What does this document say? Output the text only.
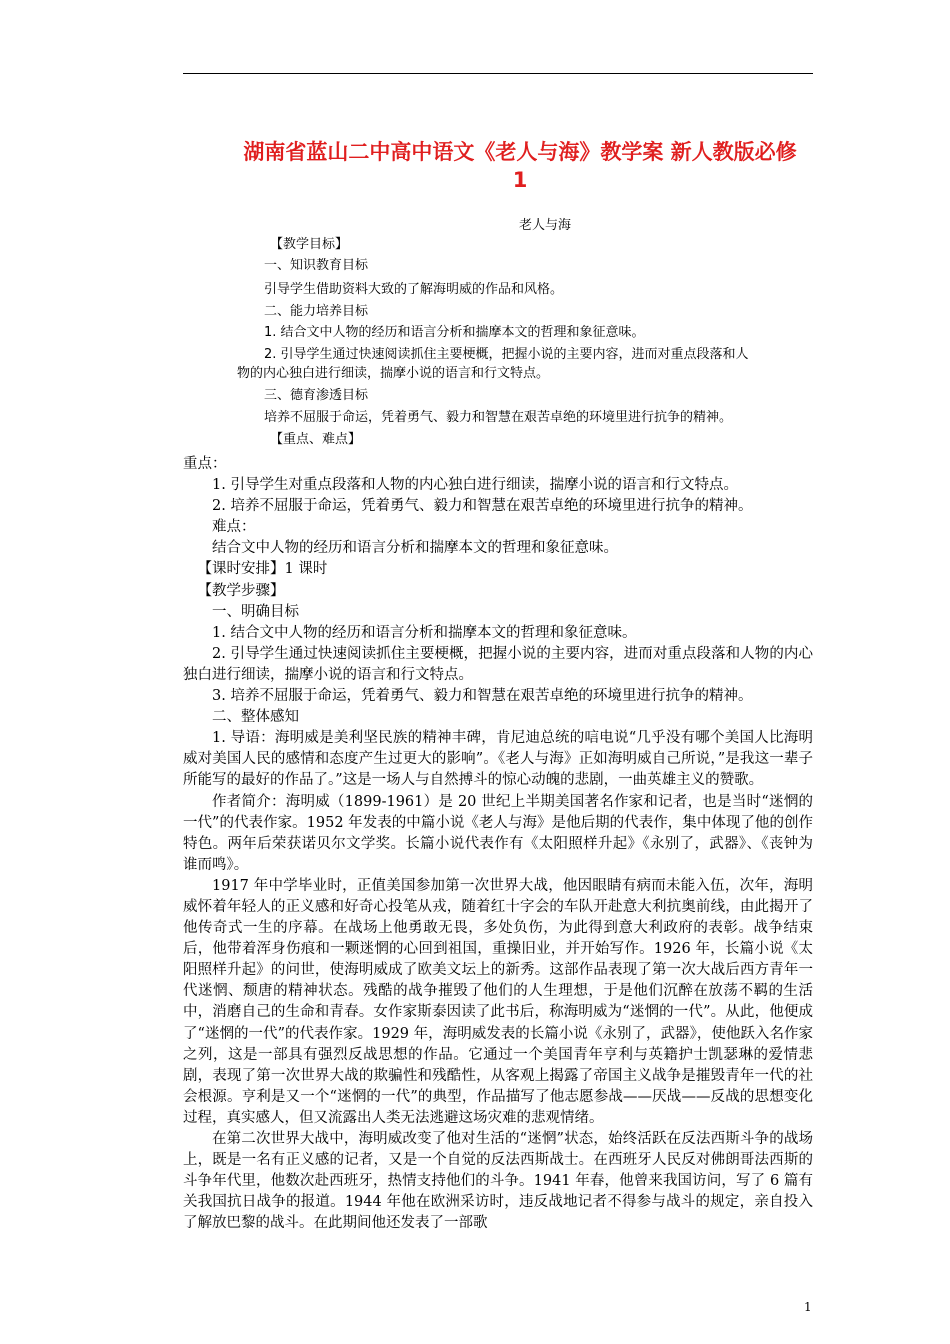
湖南省蓝山二中高中语文《老人与海》教学案 新人教版必修
1
老人与海
【教学目标】
一、知识教育目标
引导学生借助资料大致的了解海明威的作品和风格。
二、能力培养目标
1. 结合文中人物的经历和语言分析和揣摩本文的哲理和象征意味。
2. 引导学生通过快速阅读抓住主要梗概，把握小说的主要内容，进而对重点段落和人
物的内心独白进行细读，揣摩小说的语言和行文特点。
三、德育渗透目标
培养不屈服于命运，凭着勇气、毅力和智慧在艰苦卓绝的环境里进行抗争的精神。
【重点、难点】

重点：

1. 引导学生对重点段落和人物的内心独白进行细读，揣摩小说的语言和行文特点。

2. 培养不屈服于命运，凭着勇气、毅力和智慧在艰苦卓绝的环境里进行抗争的精神。

难点：

结合文中人物的经历和语言分析和揣摩本文的哲理和象征意味。

【课时安排】1 课时

【教学步骤】

一、明确目标

1. 结合文中人物的经历和语言分析和揣摩本文的哲理和象征意味。

2. 引导学生通过快速阅读抓住主要梗概，把握小说的主要内容，进而对重点段落和人物的内心独白进行细读，揣摩小说的语言和行文特点。

3. 培养不屈服于命运，凭着勇气、毅力和智慧在艰苦卓绝的环境里进行抗争的精神。

二、整体感知

1. 导语：海明威是美利坚民族的精神丰碑，肯尼迪总统的唁电说“几乎没有哪个美国人比海明威对美国人民的感情和态度产生过更大的影响”。《老人与海》正如海明威自己所说，”是我这一辈子所能写的最好的作品了。”这是一场人与自然搏斗的惊心动魄的悲剧，一曲英雄主义的赞歌。

作者简介：海明威（1899-1961）是 20 世纪上半期美国著名作家和记者，也是当时“迷惘的一代”的代表作家。1952 年发表的中篇小说《老人与海》是他后期的代表作，集中体现了他的创作特色。两年后荣获诺贝尔文学奖。长篇小说代表作有《太阳照样升起》《永别了，武器》、《丧钟为谁而鸣》。

1917 年中学毕业时，正值美国参加第一次世界大战，他因眼睛有病而未能入伍，次年，海明威怀着年轻人的正义感和好奇心投笔从戎，随着红十字会的车队开赴意大利抗奥前线，由此揭开了他传奇式一生的序幕。在战场上他勇敢无畏，多处负伤，为此得到意大利政府的表彰。战争结束后，他带着浑身伤痕和一颗迷惘的心回到祖国，重操旧业，并开始写作。1926 年，长篇小说《太阳照样升起》的问世，使海明威成了欧美文坛上的新秀。这部作品表现了第一次大战后西方青年一代迷惘、颓唐的精神状态。残酷的战争摧毁了他们的人生理想，于是他们沉醉在放荡不羁的生活中，消磨自己的生命和青春。女作家斯泰因读了此书后，称海明威为“迷惘的一代”。从此，他便成了“迷惘的一代”的代表作家。1929 年，海明威发表的长篇小说《永别了，武器》，使他跃入名作家之列，这是一部具有强烈反战思想的作品。它通过一个美国青年亨利与英籍护士凯瑟琳的爱情悲剧，表现了第一次世界大战的欺骗性和残酷性，从客观上揭露了帝国主义战争是摧毁青年一代的社会根源。亨利是又一个“迷惘的一代”的典型，作品描写了他志愿参战——厌战——反战的思想变化过程，真实感人，但又流露出人类无法逃避这场灾难的悲观情绪。

在第二次世界大战中，海明威改变了他对生活的“迷惘”状态，始终活跃在反法西斯斗争的战场上，既是一名有正义感的记者，又是一个自觉的反法西斯战士。在西班牙人民反对佛朗哥法西斯的斗争年代里，他数次赴西班牙，热情支持他们的斗争。1941 年春，他曾来我国访问，写了 6 篇有关我国抗日战争的报道。1944 年他在欧洲采访时，违反战地记者不得参与战斗的规定，亲自投入了解放巴黎的战斗。在此期间他还发表了一部歌

1
